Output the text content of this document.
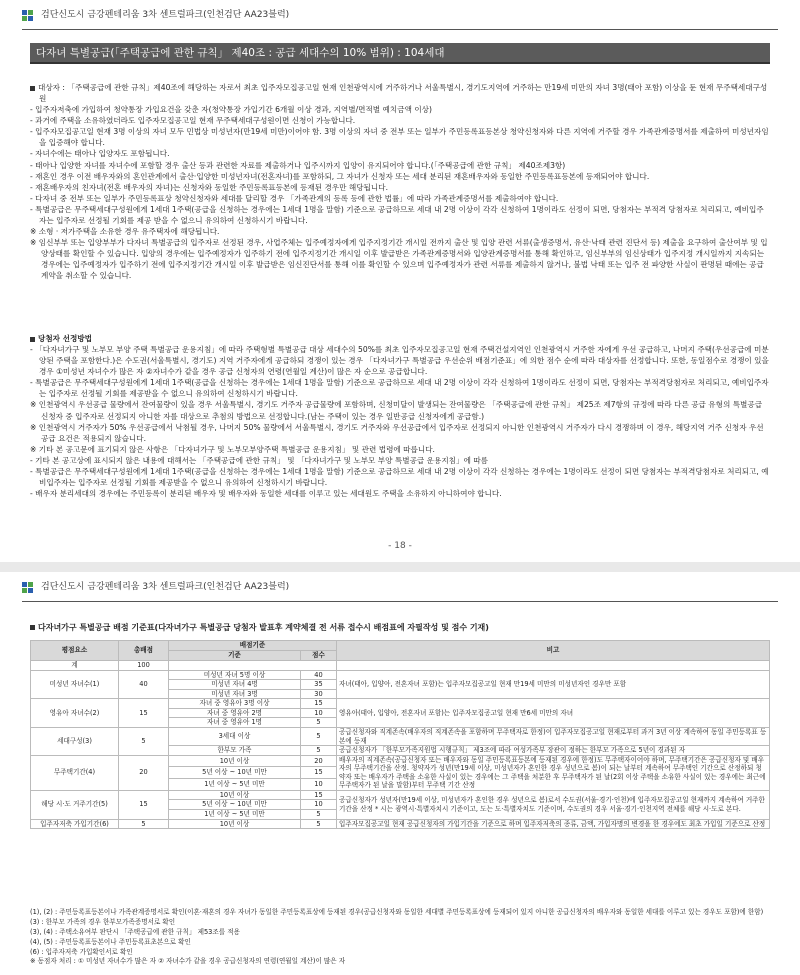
검단신도시 금강펜테리움 3차 센트럴파크(인천검단 AA23블럭)
다자녀 특별공급(「주택공급에 관한 규칙」 제40조 : 공급 세대수의 10% 범위) : 104세대
대상자 : 「주택공급에 관한 규칙」제40조에 해당하는 자로서 최초 입주자모집공고일 현재 인천광역시에 거주하거나 서울특별시, 경기도지역에 거주하는 만19세 미만의 자녀 3명(태아 포함) 이상을 둔 현재 무주택세대구성원
- 입주자저축에 가입하여 청약통장 가입요건을 갖춘 자(청약통장 가입기간 6개월 이상 경과, 지역별/면적별 예치금액 이상)
- 과거에 주택을 소유하였더라도 입주자모집공고일 현재 무주택세대구성원이면 신청이 가능합니다.
- 입주자모집공고일 현재 3명 이상의 자녀 모두 민법상 미성년자(만19세 미만)이어야 함. 3명 이상의 자녀 중 전부 또는 일부가 주민등록표등본상 청약신청자와 다른 지역에 거주할 경우 가족관계증명서를 제출하여 미성년자임을 입증해야 합니다.
- 자녀수에는 태아나 입양자도 포함됩니다.
- 태아나 입양한 자녀를 자녀수에 포함할 경우 출산 등과 관련한 자료를 제출하거나 입주시까지 입양이 유지되어야 합니다.(「주택공급에 관한 규칙」 제40조제3항)
- 재혼인 경우 이전 배우자와의 혼인관계에서 출산·입양한 미성년자녀(전혼자녀)를 포함하되, 그 자녀가 신청자 또는 세대 분리된 재혼배우자와 동일한 주민등록표등본에 등재되어야 합니다.
- 재혼배우자의 친자녀(전혼 배우자의 자녀)는 신청자와 동일한 주민등록표등본에 등재된 경우만 해당됩니다.
- 다자녀 중 전부 또는 일부가 주민등록표상 청약신청자와 세대를 달리할 경우 「가족관계의 등록 등에 관한 법률」에 따라 가족관계증명서를 제출하여야 합니다.
- 특별공급은 무주택세대구성원에게 1세대 1주택(공급을 신청하는 경우에는 1세대 1명을 말함) 기준으로 공급하므로 세대 내 2명 이상이 각각 신청하여 1명이라도 선정이 되면, 당첨자는 부적격 당첨자로 처리되고, 예비입주자는 입주자로 선정될 기회를 제공 받을 수 없으니 유의하여 신청하시기 바랍니다.
※ 소형 · 저가주택을 소유한 경우 유주택자에 해당됩니다.
※ 임신부부 또는 입양부부가 다자녀 특별공급의 입주자로 선정된 경우, 사업주체는 입주예정자에게 입주지정기간 개시일 전까지 출산 및 입양 관련 서류(출생증명서, 유산·낙태 관련 진단서 등) 제출을 요구하여 출산여부 및 입양상태를 확인할 수 있습니다. 입양의 경우에는 입주예정자가 입주하기 전에 입주지정기간 개시일 이후 발급받은 가족관계증명서와 입양관계증명서를 통해 확인하고, 임신부부의 임신상태가 입주지정 개시일까지 지속되는 경우에는 입주예정자가 입주하기 전에 입주지정기간 개시일 이후 발급받은 임신진단서를 통해 이를 확인할 수 있으며 입주예정자가 관련 서류를 제출하지 않거나, 불법 낙태 또는 입주 전 파양한 사실이 판명된 때에는 공급계약을 취소할 수 있습니다.
당첨자 선정방법
- 「다자녀가구 및 노부모 부양 주택 특별공급 운용지침」에 따라 주택형별 특별공급 대상 세대수의 50%를 최초 입주자모집공고일 현재 주택건설지역인 인천광역시 거주한 자에게 우선 공급하고, 나머지 주택(우선공급에 미분양된 주택을 포함한다.)은 수도권(서울특별시, 경기도) 지역 거주자에게 공급하되 경쟁이 있는 경우 「다자녀가구 특별공급 우선순위 배점기준표」에 의한 점수 순에 따라 대상자를 선정합니다. 또한, 동일점수로 경쟁이 있을 경우 ①미성년 자녀수가 많은 자 ②자녀수가 같을 경우 공급 신청자의 연령(연월일 계산)이 많은 자 순으로 공급합니다.
- 특별공급은 무주택세대구성원에게 1세대 1주택(공급을 신청하는 경우에는 1세대 1명을 말함) 기준으로 공급하므로 세대 내 2명 이상이 각각 신청하여 1명이라도 선정이 되면, 당첨자는 부적격당첨자로 처리되고, 예비입주자는 입주자로 선정될 기회를 제공받을 수 없으니 유의하여 신청하시기 바랍니다.
※ 인천광역시 우선공급 물량에서 잔여물량이 있을 경우 서울특별시, 경기도 거주자 공급물량에 포함하며, 신청미달이 발생되는 잔여물량은 「주택공급에 관한 규칙」 제25조 제7항의 규정에 따라 다른 공급 유형의 특별공급 신청자 중 입주자로 선정되지 아니한 자를 대상으로 추첨의 방법으로 선정합니다.(남는 주택이 있는 경우 일반공급 신청자에게 공급함.)
※ 인천광역시 거주자가 50% 우선공급에서 낙첨될 경우, 나머지 50% 물량에서 서울특별시, 경기도 거주자와 우선공급에서 입주자로 선정되지 아니한 인천광역시 거주자가 다시 경쟁하며 이 경우, 해당지역 거주 신청자 우선공급 요건은 적용되지 않습니다.
※ 기타 본 공고문에 표기되지 않은 사항은 「다자녀가구 및 노부모부양주택 특별공급 운용지침」 및 관련 법령에 따릅니다.
- 기타 본 공고상에 표시되지 않은 내용에 대해서는 「주택공급에 관한 규칙」 및 「다자녀가구 및 노부모 부양 특별공급 운용지침」에 따름
- 특별공급은 무주택세대구성원에게 1세대 1주택(공급을 신청하는 경우에는 1세대 1명을 말함) 기준으로 공급하므로 세대 내 2명 이상이 각각 신청하는 경우에는 1명이라도 선정이 되면 당첨자는 부적격당첨자로 처리되고, 예비입주자는 입주자로 선정될 기회를 제공받을 수 없으니 유의하여 신청하시기 바랍니다.
- 배우자 분리세대의 경우에는 주민등록이 분리된 배우자 및 배우자와 동일한 세대를 이루고 있는 세대원도 주택을 소유하지 아니하여야 합니다.
- 18 -
검단신도시 금강펜테리움 3차 센트럴파크(인천검단 AA23블럭)
다자녀가구 특별공급 배점 기준표(다자녀가구 특별공급 당첨자 발표후 계약체결 전 서류 접수시 배점표에 자필작성 및 점수 기재)
평점요소	총배점	배점기준		비고
		기준	점수	
계	100			
미성년 자녀수(1)	40	미성년 자녀 5명 이상	40	자녀(태아, 입양아, 전혼자녀 포함)는 입주자모집공고일 현재 만19세 미만의 미성년자인 경우만 포함
		미성년 자녀 4명	35	
		미성년 자녀 3명	30	
영유아 자녀수(2)	15	자녀 중 영유아 3명 이상	15	영유아(태아, 입양아, 전혼자녀 포함)는 입주자모집공고일 현재 만6세 미만의 자녀
		자녀 중 영유아 2명	10	
		자녀 중 영유아 1명	5	
세대구성(3)	5	3세대 이상	5	공급신청자와 직계존속(배우자의 직계존속을 포함하며 무주택자로 한정)이 입주자모집공고일 현재로부터 과거 3년 이상 계속하여 동일 주민등록표 등본에 등재
		한부모 가족	5	공급신청자가 「한부모가족지원법 시행규칙」 제3조에 따라 여성가족부 장관이 정하는 한부모 가족으로 5년이 경과된 자
무주택기간(4)	20	10년 이상	20	배우자의 직계존속(공급신청자 또는 배우자와 동일 주민등록표등본에 등재된 경우에 한정)도 무주택자이어야 하며, 무주택기간은 공급신청자 및 배우자의 무주택기간을 산정. 청약자가 성년(만19세 이상, 미성년자가 혼인한 경우 성년으로 봄)이 되는 날부터 계속하여 무주택인 기간으로 산정하되 청약자 또는 배우자가 주택을 소유한 사실이 있는 경우에는 그 주택을 처분한 후 무주택자가 된 날(2회 이상 주택을 소유한 사실이 있는 경우에는 최근에 무주택자가 된 날을 말함)부터 무주택 기간 산정
		5년 이상 ~ 10년 미만	15	
		1년 이상 ~ 5년 미만	10	
해당 시·도 거주기간(5)	15	10년 이상	15	공급신청자가 성년자(만19세 이상, 미성년자가 혼인한 경우 성년으로 봄)로서 수도권(서울·경기·인천)에 입주자모집공고일 현재까지 계속하여 거주한 기간을 산정 * 시는 광역시·특별자치시 기준이고, 도는 도·특별자치도 기준이며, 수도권의 경우 서울·경기·인천지역 전체를 해당 시·도로 본다.
		5년 이상 ~ 10년 미만	10	
		1년 이상 ~ 5년 미만	5	
입주자저축 가입기간(6)	5	10년 이상	5	입주자모집공고일 현재 공급신청자의 가입기간을 기준으로 하며 입주자저축의 종류, 금액, 가입자명의 변경을 한 경우에도 최초 가입일 기준으로 산정
(1), (2) : 주민등록표등본이나 가족관계증명서로 확인(이혼·재혼의 경우 자녀가 동일한 주민등록표상에 등재된 경우(공급신청자와 동일한 세대별 주민등록표상에 등재되어 있지 아니한 공급신청자의 배우자와 동일한 세대를 이루고 있는 경우도 포함)에 한함)
(3) : 한부모 가족의 경우 한부모가족증명서로 확인
(3), (4) : 주택소유여부 판단시 「주택공급에 관한 규칙」 제53조를 적용
(4), (5) : 주민등록표등본이나 주민등록표초본으로 확인
(6) : 입주자저축 가입확인서로 확인
※ 동점자 처리 : ① 미성년 자녀수가 많은 자 ② 자녀수가 같을 경우 공급신청자의 연령(연월일 계산)이 많은 자
